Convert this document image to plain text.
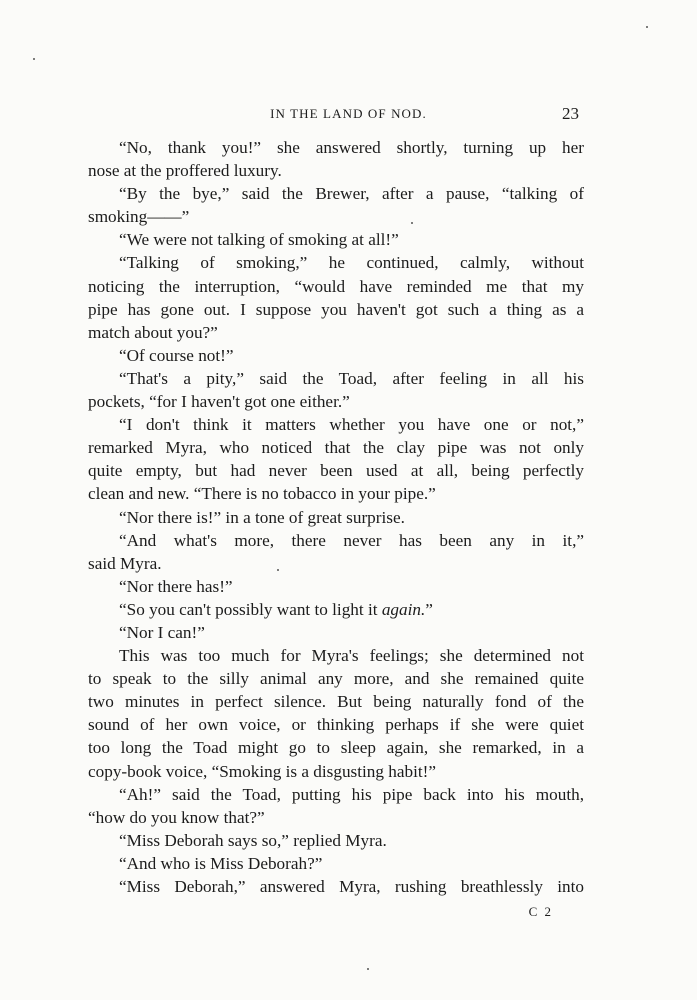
IN THE LAND OF NOD.	23
“No, thank you!” she answered shortly, turning up her
nose at the proffered luxury.
“By the bye,” said the Brewer, after a pause, “talking of
smoking——”
“We were not talking of smoking at all!”
“Talking of smoking,” he continued, calmly, without
noticing the interruption, “would have reminded me that my
pipe has gone out. I suppose you haven't got such a thing as a
match about you?”
“Of course not!”
“That's a pity,” said the Toad, after feeling in all his
pockets, “for I haven't got one either.”
“I don't think it matters whether you have one or not,”
remarked Myra, who noticed that the clay pipe was not only
quite empty, but had never been used at all, being perfectly
clean and new. “There is no tobacco in your pipe.”
“Nor there is!” in a tone of great surprise.
“And what's more, there never has been any in it,”
said Myra.
“Nor there has!”
“So you can't possibly want to light it again.”
“Nor I can!”
This was too much for Myra's feelings; she determined not
to speak to the silly animal any more, and she remained quite
two minutes in perfect silence. But being naturally fond of the
sound of her own voice, or thinking perhaps if she were quiet
too long the Toad might go to sleep again, she remarked, in a
copy-book voice, “Smoking is a disgusting habit!”
“Ah!” said the Toad, putting his pipe back into his mouth,
“how do you know that?”
“Miss Deborah says so,” replied Myra.
“And who is Miss Deborah?”
“Miss Deborah,” answered Myra, rushing breathlessly into
C 2
